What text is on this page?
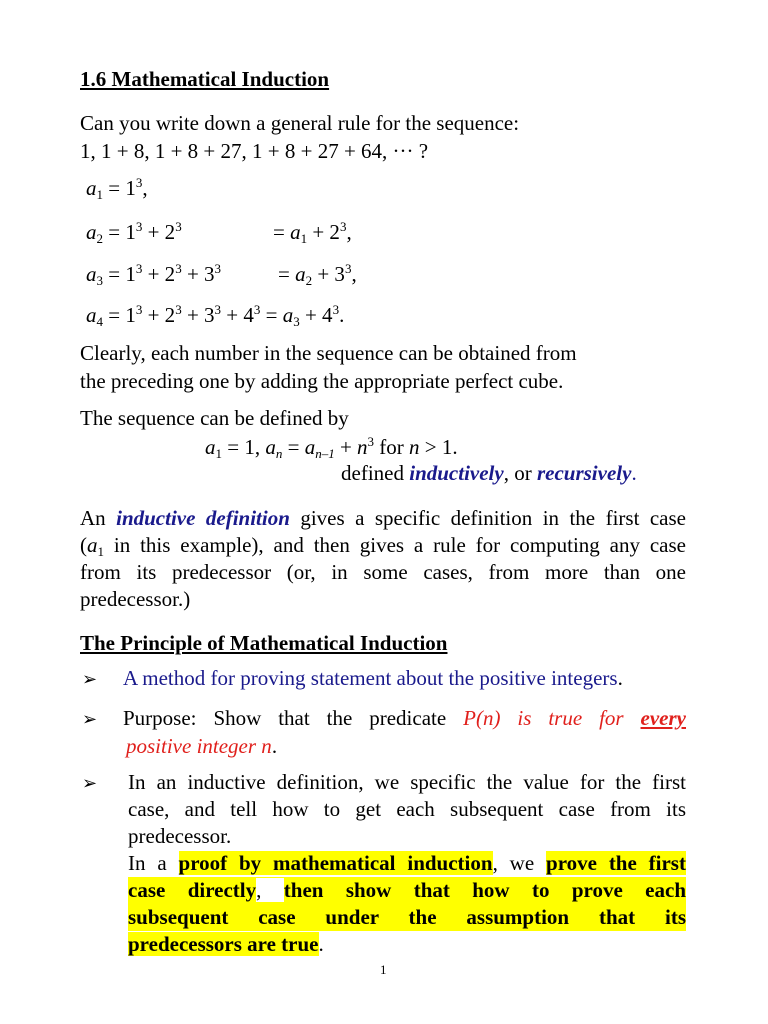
1.6 Mathematical Induction
Can you write down a general rule for the sequence:
1, 1 + 8, 1 + 8 + 27, 1 + 8 + 27 + 64, ··· ?
$a_1 = 1^3$,
$a_2 = 1^3 + 2^3$	= $a_1 + 2^3$,
$a_3 = 1^3 + 2^3 + 3^3$	= $a_2 + 3^3$,
$a_4 = 1^3 + 2^3 + 3^3 + 4^3 = a_3 + 4^3$.
Clearly, each number in the sequence can be obtained from
the preceding one by adding the appropriate perfect cube.
The sequence can be defined by
$a_1 = 1$, $a_n = a_{n-1} + n^3$ for n > 1.
defined inductively, or recursively.
An inductive definition gives a specific definition in the first case
($a_1$ in this example), and then gives a rule for computing any case
from its predecessor (or, in some cases, from more than one
predecessor.)
The Principle of Mathematical Induction
➢ A method for proving statement about the positive integers.
➢ Purpose: Show that the predicate P(n) is true for every
positive integer n.
➢ In an inductive definition, we specific the value for the first
case, and tell how to get each subsequent case from its
predecessor.
In a proof by mathematical induction, we prove the first
case directly, then show that how to prove each
subsequent case under the assumption that its
predecessors are true.
1
